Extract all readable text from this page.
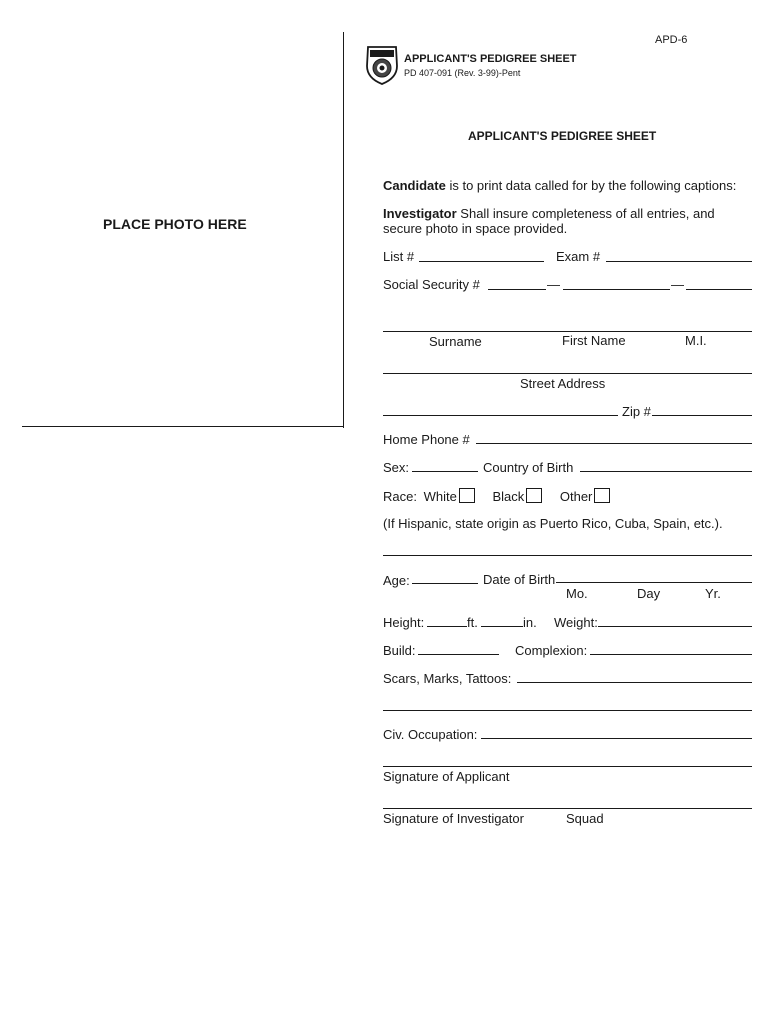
APD-6
APPLICANT'S PEDIGREE SHEET
PD 407-091 (Rev. 3-99)-Pent
PLACE PHOTO HERE
APPLICANT'S PEDIGREE SHEET
Candidate is to print data called for by the following captions:
Investigator Shall insure completeness of all entries, and
secure photo in space provided.
List #	Exam #
Social Security #	—	—
Surname	First Name	M.I.
Street Address
Zip #
Home Phone #
Sex:	Country of Birth
Race: White	Black	Other
(If Hispanic, state origin as Puerto Rico, Cuba, Spain, etc.).
Age:	Date of Birth
Mo.	Day	Yr.
Height:	ft.	in. Weight:
Build:	Complexion:
Scars, Marks, Tattoos:
Civ. Occupation:
Signature of Applicant
Signature of Investigator	Squad
